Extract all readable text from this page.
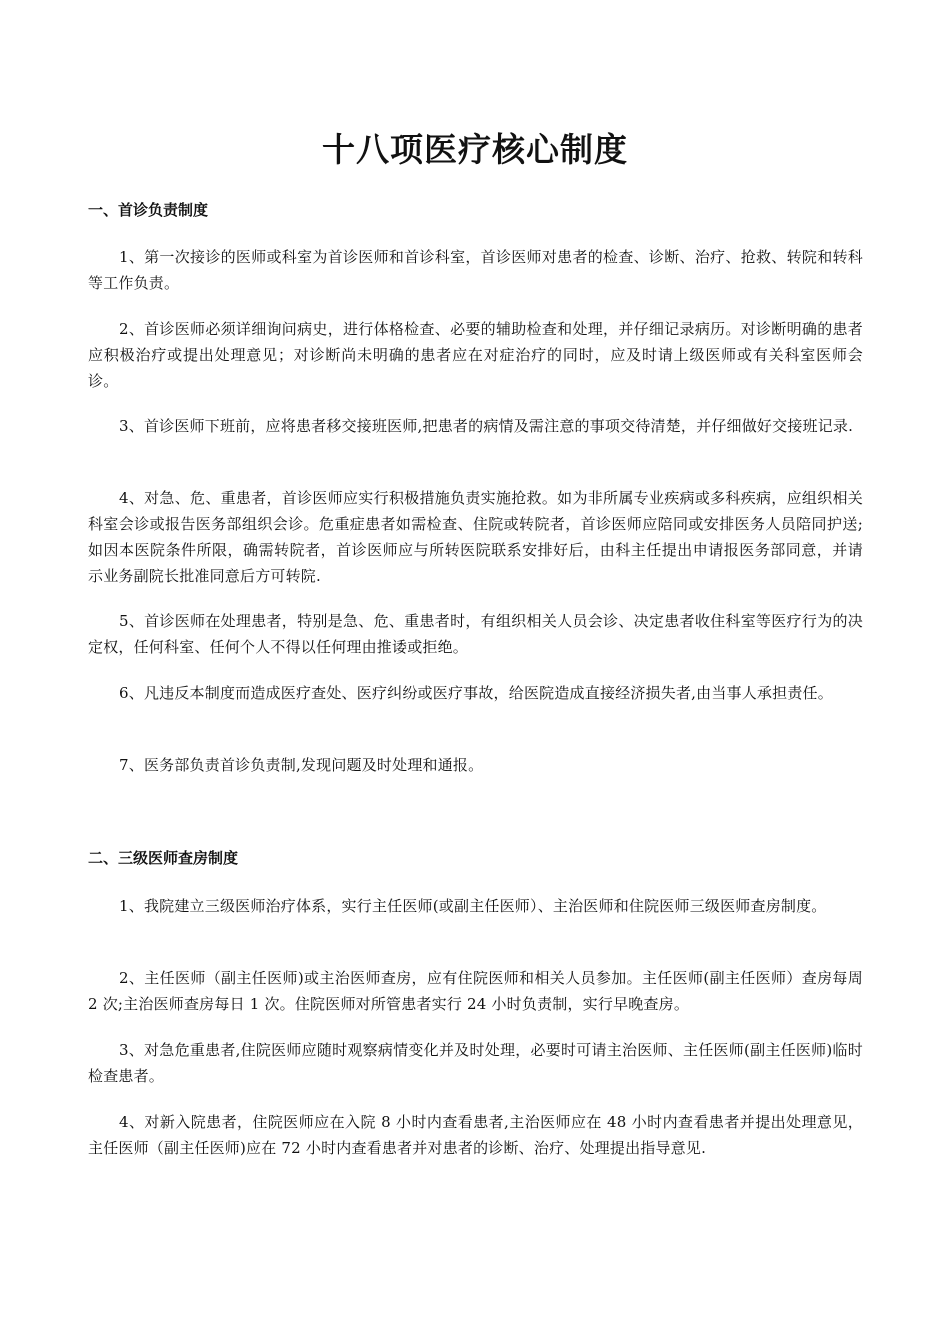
十八项医疗核心制度
一、首诊负责制度

1、第一次接诊的医师或科室为首诊医师和首诊科室，首诊医师对患者的检查、诊断、治疗、抢救、转院和转科等工作负责。

2、首诊医师必须详细询问病史，进行体格检查、必要的辅助检查和处理，并仔细记录病历。对诊断明确的患者应积极治疗或提出处理意见；对诊断尚未明确的患者应在对症治疗的同时，应及时请上级医师或有关科室医师会诊。

3、首诊医师下班前，应将患者移交接班医师,把患者的病情及需注意的事项交待清楚，并仔细做好交接班记录.

4、对急、危、重患者，首诊医师应实行积极措施负责实施抢救。如为非所属专业疾病或多科疾病，应组织相关科室会诊或报告医务部组织会诊。危重症患者如需检查、住院或转院者，首诊医师应陪同或安排医务人员陪同护送;如因本医院条件所限，确需转院者，首诊医师应与所转医院联系安排好后，由科主任提出申请报医务部同意，并请示业务副院长批准同意后方可转院.

5、首诊医师在处理患者，特别是急、危、重患者时，有组织相关人员会诊、决定患者收住科室等医疗行为的决定权，任何科室、任何个人不得以任何理由推诿或拒绝。

6、凡违反本制度而造成医疗查处、医疗纠纷或医疗事故，给医院造成直接经济损失者,由当事人承担责任。

7、医务部负责首诊负责制,发现问题及时处理和通报。

二、三级医师查房制度

1、我院建立三级医师治疗体系，实行主任医师(或副主任医师）、主治医师和住院医师三级医师查房制度。

2、主任医师（副主任医师)或主治医师查房，应有住院医师和相关人员参加。主任医师(副主任医师）查房每周 2 次;主治医师查房每日 1 次。住院医师对所管患者实行 24 小时负责制，实行早晚查房。

3、对急危重患者,住院医师应随时观察病情变化并及时处理，必要时可请主治医师、主任医师(副主任医师)临时检查患者。

4、对新入院患者，住院医师应在入院 8 小时内查看患者,主治医师应在 48 小时内查看患者并提出处理意见，主任医师（副主任医师)应在 72 小时内查看患者并对患者的诊断、治疗、处理提出指导意见.
